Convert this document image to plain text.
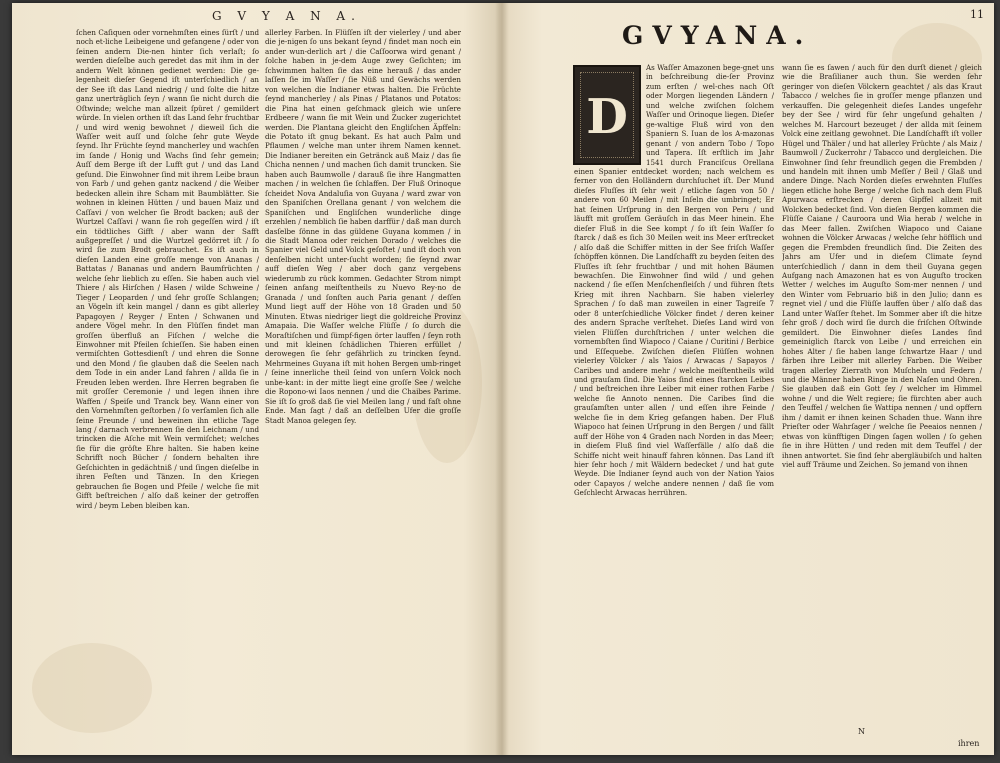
G V Y A N A.

ſchen Caſiquen oder vornehmſten eines ſürſt / und noch et-liche Leibeigene und gefangene / oder von ſeinen andern Die-nen hinter ſich verlaſt; ſo werden dieſelbe auch geredet das mit ihm in der andern Welt können gedienet werden: Die ge-legenheit dieſer Gegend iſt unterſchiedlich / an der See iſt das Land niedrig / und ſolte die hitze ganz unerträglich ſeyn / wann ſie nicht durch die Oſtwinde; welche man allzeit ſpüret / gemildert würde. In vielen orthen iſt das Land ſehr fruchtbar / und wird wenig bewohnet / dieweil ſich die Waſſer weit auſſ und ſolche ſehr gute Weyde ſeynd. Ihr Früchte ſeynd mancherley und wachſen im ſande / Honig und Wachs ſind ſehr gemein; Auſſ dem Berge iſt der Lufft gut / und das Land geſund. Die Einwohner ſind mit ihrem Leibe braun von Farb / und gehen gantz nackend / die Weiber bedecken allein ihre Scham mit Baumblätter. Sie wohnen in kleinen Hütten / und bauen Maiz und Caſſavi / von welcher ſie Brodt backen; auß der Wurtzel Caſſavi / wann ſie roh gegeſſen wird / iſt ein tödtliches Gifft / aber wann der Safft außgepreſſet / und die Wurtzel gedörret iſt / ſo wird ſie zum Brodt gebrauchet. Es iſt auch in dieſen Landen eine groſſe menge von Ananas / Battatas / Bananas und andern Baumfrüchten / welche ſehr lieblich zu eſſen. Sie haben auch viel Thiere / als Hirſchen / Hasen / wilde Schweine / Tieger / Leoparden / und ſehr groſſe Schlangen; an Vögeln iſt kein mangel / dann es gibt allerley Papagoyen / Reyger / Enten / Schwanen und andere Vögel mehr. In den Flüſſen findet man groſſen überfluß an Fiſchen / welche die Einwohner mit Pfeilen ſchieſſen. Sie haben einen vermiſchten Gottesdienſt / und ehren die Sonne und den Mond / ſie glauben daß die Seelen nach dem Tode in ein ander Land fahren / allda ſie in Freuden leben werden. Ihre Herren begraben ſie mit groſſer Ceremonie / und legen ihnen ihre Waffen / Speiſe und Tranck bey. Wann einer von den Vornehmſten geſtorben / ſo verſamlen ſich alle ſeine Freunde / und beweinen ihn etliche Tage lang / darnach verbrennen ſie den Leichnam / und trincken die Aſche mit Wein vermiſchet; welches ſie für die gröſte Ehre halten. Sie haben keine Schrifft noch Bücher / ſondern behalten ihre Geſchichten in gedächtniß / und ſingen dieſelbe in ihren Feſten und Tänzen. In den Kriegen gebrauchen ſie Bogen und Pfeile / welche ſie mit Gifft beſtreichen / alſo daß keiner der getroffen wird / beym Leben bleiben kan.

allerley Farben. In Flüſſen iſt der vielerley / und aber die je-nigen ſo uns bekant ſeynd / findet man noch ein ander wun-derlich art / die Caſſoorwa wird genant / ſolche haben in je-dem Auge zwey Geſichten; im ſchwimmen halten ſie das eine herauß / das ander laſſen ſie im Waſſer / ſie Nüß und Gewächs werden von welchen die Indianer etwas halten. Die Früchte ſeynd mancherley / als Pinas / Platanos und Potatos: die Pina hat einen geſchmack gleich wie unſere Erdbeere / wann ſie mit Wein und Zucker zugerichtet werden. Die Plantana gleicht den Engliſchen Äpffeln: die Potato iſt gnug bekant. Es hat auch Palm und Pflaumen / welche man unter ihrem Namen kennet. Die Indianer bereiten ein Getränck auß Maiz / das ſie Chicha nennen / und machen ſich damit truncken. Sie haben auch Baumwolle / darauß ſie ihre Hangmatten machen / in welchen ſie ſchlaffen. Der Fluß Orinoque ſcheidet Nova Andaluſia von Guyana / ward zwar von den Spaniſchen Orellana genant / von welchem die Spaniſchen und Engliſchen wunderliche dinge erzehlen / nemblich ſie haben darffür / daß man durch dasſelbe ſönne in das güldene Guyana kommen / in die Stadt Manoa oder reichen Dorado / welches die Spanier viel Geld und Volck geſoſtet / und iſt doch von denſelben nicht unter-ſucht worden; ſie ſeynd zwar auff dieſen Weg / aber doch ganz vergebens wiederumb zu rück kommen. Gedachter Strom nimpt ſeinen anfang meiſtentheils zu Nuevo Rey-no de Granada / und ſonſten auch Paria genant / deſſen Mund liegt auff der Höhe von 18 Graden und 50 Minuten. Etwas niedriger liegt die goldreiche Provinz Amapaia. Die Waſſer welche Flüſſe / ſo durch die Moraſtiſchen und ſümpf-figen örter lauffen / ſeyn roth und mit kleinen ſchädlichen Thieren erfüllet / derowegen ſie ſehr gefährlich zu trincken ſeynd. Mehrmeines Guyana iſt mit hohen Bergen umb-ringet / ſeine innerliche theil ſeind von unſern Volck noch unbe-kant: in der mitte liegt eine groſſe See / welche die Ropono-wi Iaos nennen / und die Chaibes Parime. Sie iſt ſo groß daß ſie viel Meilen lang / und faſt ohne Ende. Man ſagt / daß an deſſelben Ufer die groſſe Stadt Manoa gelegen ſey.

11
GVYANA.
D

As Waſſer Amazonen bege-gnet uns in beſchreibung die-ſer Provinz zum erſten / wel-ches nach Oſt oder Morgen liegenden Ländern / und welche zwiſchen ſolchem Waſſer und Orinoque liegen. Dieſer ge-waltige Fluß wird von den Spaniern S. Iuan de los A-mazonas genant / von andern Tobo / Topo und Tapera. Iſt erſtlich im Jahr 1541 durch Franciſcus Orellana einen Spanier entdecket worden; nach welchem es ferner von den Holländern durchſuchet iſt. Der Mund dieſes Fluſſes iſt ſehr weit / etliche ſagen von 50 / andere von 60 Meilen / mit Inſeln die umbringet; Er hat ſeinen Urſprung in den Bergen von Peru / und läufft mit groſſem Geräuſch in das Meer hinein. Ehe dieſer Fluß in die See kompt / ſo iſt ſein Waſſer ſo ſtarck / daß es ſich 30 Meilen weit ins Meer erſtrecket / alſo daß die Schiffer mitten in der See friſch Waſſer ſchöpffen können. Die Landſchafft zu beyden ſeiten des Fluſſes iſt ſehr fruchtbar / und mit hohen Bäumen bewachſen. Die Einwohner ſind wild / und gehen nackend / ſie eſſen Menſchenfleiſch / und führen ſtets Krieg mit ihren Nachbarn. Sie haben vielerley Sprachen / ſo daß man zuweilen in einer Tagreiſe 7 oder 8 unterſchiedliche Völcker findet / deren keiner des andern Sprache verſtehet. Dieſes Land wird von vielen Flüſſen durchſtrichen / unter welchen die vornembſten ſind Wiapoco / Caiane / Curitini / Berbice und Eſſequebe. Zwiſchen dieſen Flüſſen wohnen vielerley Völcker / als Yaios / Arwacas / Sapayos / Caribes und andere mehr / welche meiſtentheils wild und grauſam ſind. Die Yaios ſind eines ſtarcken Leibes / und beſtreichen ihre Leiber mit einer rothen Farbe / welche ſie Annoto nennen. Die Caribes ſind die grauſamſten unter allen / und eſſen ihre Feinde / welche ſie in dem Krieg gefangen haben. Der Fluß Wiapoco hat ſeinen Urſprung in den Bergen / und fällt auff der Höhe von 4 Graden nach Norden in das Meer; in dieſem Fluß ſind viel Waſſerfälle / alſo daß die Schiffe nicht weit hinauff fahren können. Das Land iſt hier ſehr hoch / mit Wäldern bedecket / und hat gute Weyde. Die Indianer ſeynd auch von der Nation Yaios oder Capayos / welche andere nennen / daß ſie vom Geſchlecht Arwacas herrühren.

wann ſie es ſawen / auch für den durſt dienet / gleich wie die Braſilianer auch thun. Sie werden ſehr geringer von dieſen Völckern geachtet / als das Kraut Tabacco / welches ſie in groſſer menge pflanzen und verkauffen. Die gelegenheit dieſes Landes ungefehr bey der See / wird für ſehr ungeſund gehalten / welches M. Harcourt bezeuget / der allda mit ſeinem Volck eine zeitlang gewohnet. Die Landſchafft iſt voller Hügel und Thäler / und hat allerley Früchte / als Maiz / Baumwoll / Zuckerrohr / Tabacco und dergleichen. Die Einwohner ſind ſehr freundlich gegen die Frembden / und handeln mit ihnen umb Meſſer / Beil / Glaß und andere Dinge. Nach Norden dieſes erwehnten Fluſſes liegen etliche hohe Berge / welche ſich nach dem Fluß Apurwaca erſtrecken / deren Gipffel allzeit mit Wolcken bedecket ſind. Von dieſen Bergen kommen die Flüſſe Caiane / Cauroora und Wia herab / welche in das Meer fallen. Zwiſchen Wiapoco und Caiane wohnen die Völcker Arwacas / welche ſehr höfflich und gegen die Frembden freundlich ſind. Die Zeiten des Jahrs am Ufer und in dieſem Climate ſeynd unterſchiedlich / dann in dem theil Guyana gegen Aufgang nach Amazonen hat es von Auguſto trocken Wetter / welches im Auguſto Som-mer nennen / und den Winter vom Februario biß in den Julio; dann es regnet viel / und die Flüſſe lauffen über / alſo daß das Land unter Waſſer ſtehet. Im Sommer aber iſt die hitze ſehr groß / doch wird ſie durch die friſchen Oſtwinde gemildert. Die Einwohner dieſes Landes ſind gemeiniglich ſtarck von Leibe / und erreichen ein hohes Alter / ſie haben lange ſchwartze Haar / und färben ihre Leiber mit allerley Farben. Die Weiber tragen allerley Zierrath von Muſcheln und Federn / und die Männer haben Ringe in den Naſen und Ohren. Sie glauben daß ein Gott ſey / welcher im Himmel wohne / und die Welt regiere; ſie fürchten aber auch den Teuffel / welchen ſie Wattipa nennen / und opffern ihm / damit er ihnen keinen Schaden thue. Wann ihre Prieſter oder Wahrſager / welche ſie Peeaios nennen / etwas von künfftigen Dingen ſagen wollen / ſo gehen ſie in ihre Hütten / und reden mit dem Teuffel / der ihnen antwortet. Sie ſind ſehr abergläubiſch und halten viel auff Träume und Zeichen. So jemand von ihnen

N
ihren
